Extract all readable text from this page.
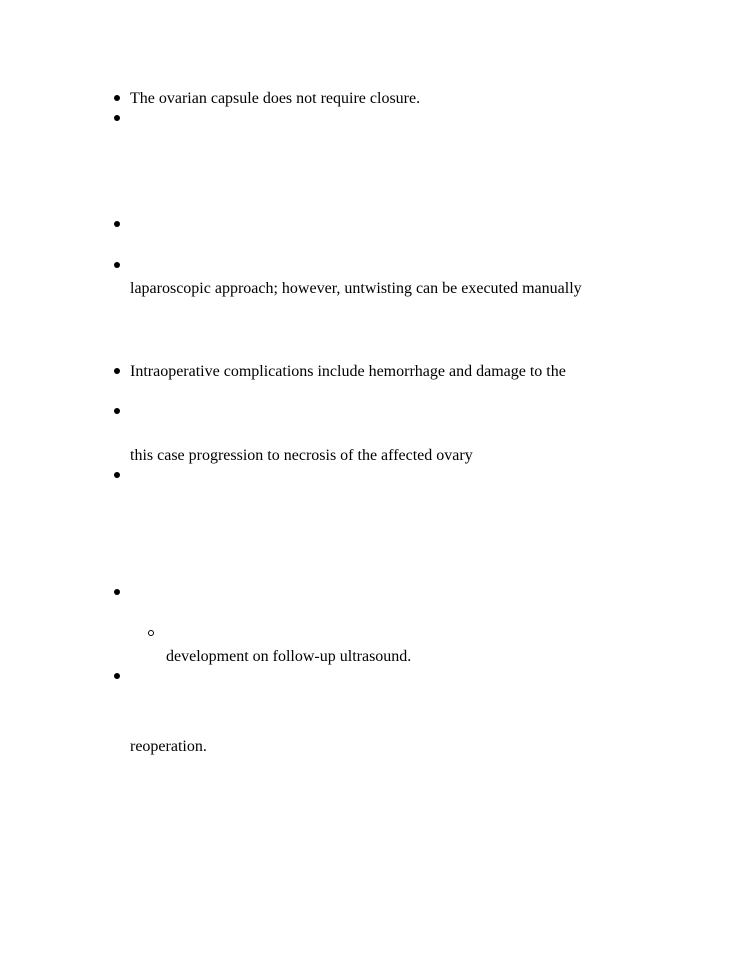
The ovarian capsule does not require closure.
laparoscopic approach; however, untwisting can be executed manually
Intraoperative complications include hemorrhage and damage to the
this case progression to necrosis of the affected ovary
development on follow-up ultrasound.
reoperation.
